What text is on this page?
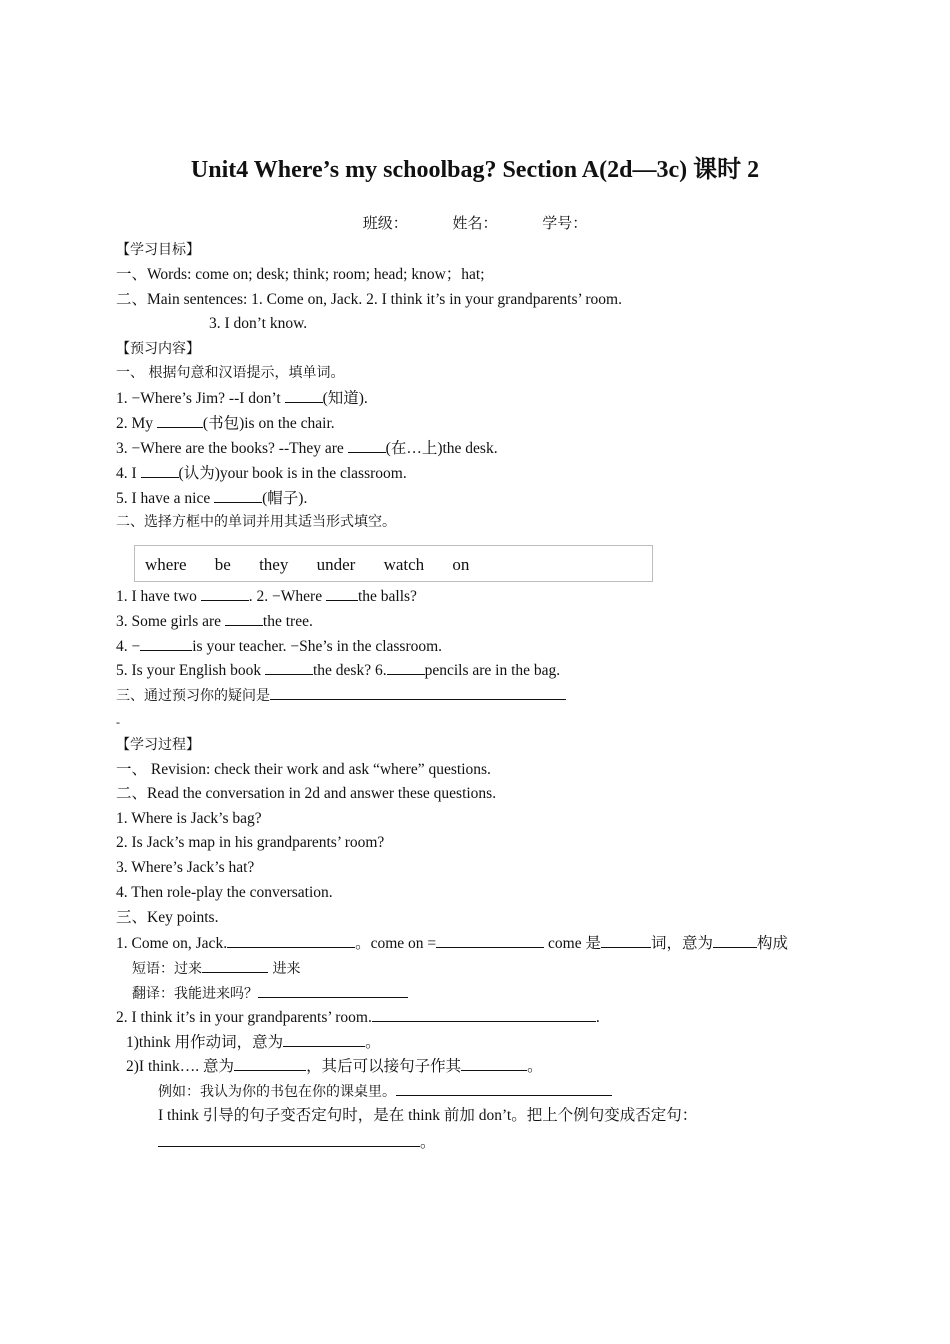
Unit4 Where’s my schoolbag? Section A(2d—3c) 课时 2
班级：	姓名：	学号：
【学习目标】
一、Words: come on; desk; think; room; head; know；hat;
二、Main sentences: 1. Come on, Jack. 2. I think it’s in your grandparents’ room.
3. I don’t know.
【预习内容】
一、 根据句意和汉语提示，填单词。
1. −Where’s Jim? --I don’t (知道).
2. My	(书包)is on the chair.
3. −Where are the books? --They are (在…上)the desk.
4. I (认为)your book is in the classroom.
5. I have a nice	(帽子).
二、选择方框中的单词并用其适当形式填空。
where be they under watch on
1. I have two	. 2. −Where the balls?
3. Some girls are the tree.
4. −	is your teacher. −She’s in the classroom.
5. Is your English book	the desk? 6. pencils are in the bag.
三、通过预习你的疑问是
-
【学习过程】
一、 Revision: check their work and ask “where” questions.
二、Read the conversation in 2d and answer these questions.
1. Where is Jack’s bag?
2. Is Jack’s map in his grandparents’ room?
3. Where’s Jack’s hat?
4. Then role-play the conversation.
三、Key points.
1. Come on, Jack.	。come on =	come 是	词，意为	构成
短语：过来	进来
翻译：我能进来吗？
2. I think it’s in your grandparents’ room.	.
1)think 用作动词，意为	。
2)I think…. 意为	，其后可以接句子作其	。
例如：我认为你的书包在你的课桌里。
I think 引导的句子变否定句时，是在 think 前加 don’t。把上个例句变成否定句：
。
